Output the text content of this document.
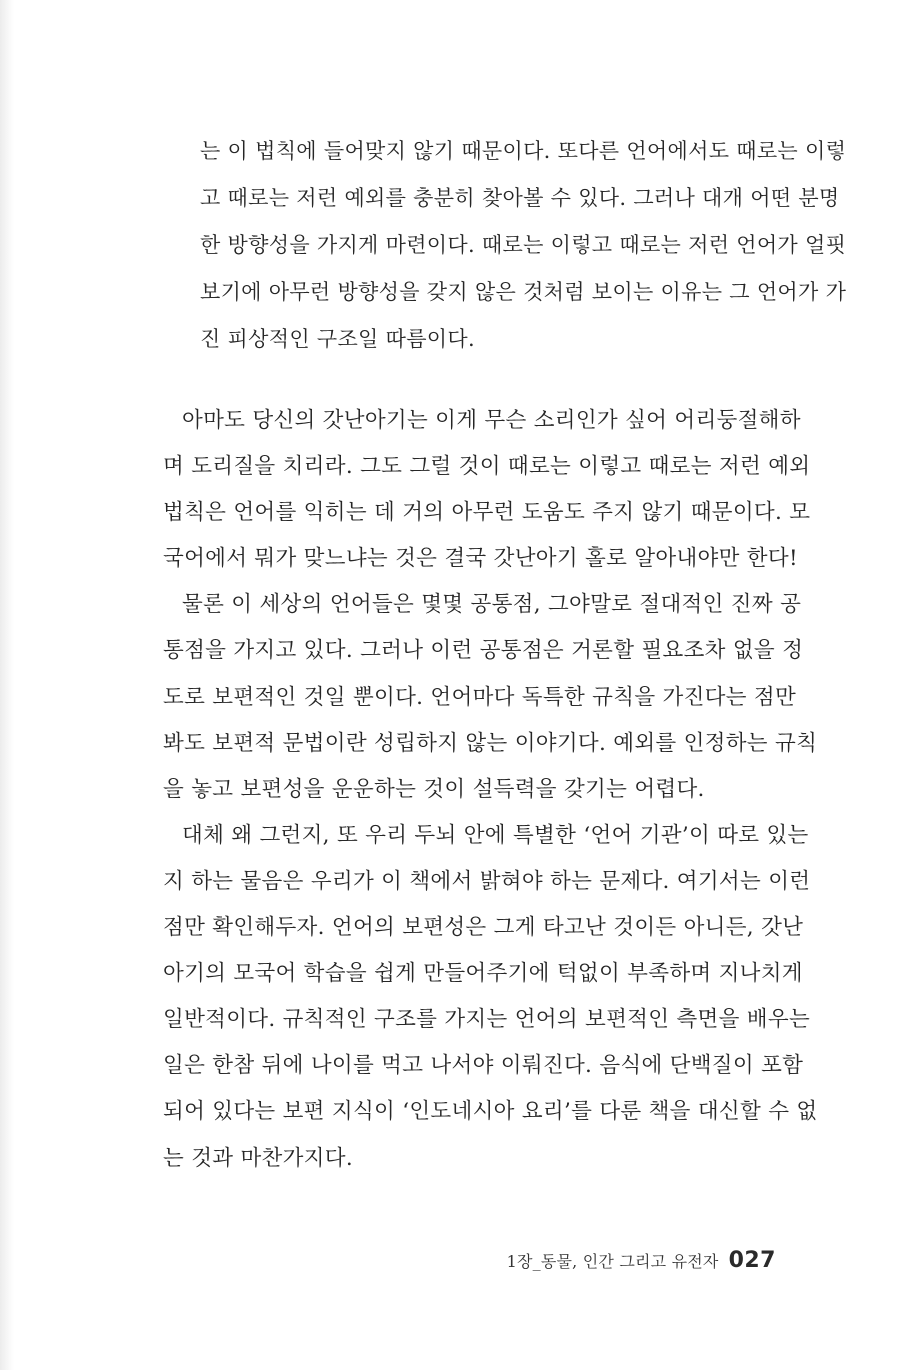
는 이 법칙에 들어맞지 않기 때문이다. 또다른 언어에서도 때로는 이렇
고 때로는 저런 예외를 충분히 찾아볼 수 있다. 그러나 대개 어떤 분명
한 방향성을 가지게 마련이다. 때로는 이렇고 때로는 저런 언어가 얼핏
보기에 아무런 방향성을 갖지 않은 것처럼 보이는 이유는 그 언어가 가
진 피상적인 구조일 따름이다.
아마도 당신의 갓난아기는 이게 무슨 소리인가 싶어 어리둥절해하
며 도리질을 치리라. 그도 그럴 것이 때로는 이렇고 때로는 저런 예외
법칙은 언어를 익히는 데 거의 아무런 도움도 주지 않기 때문이다. 모
국어에서 뭐가 맞느냐는 것은 결국 갓난아기 홀로 알아내야만 한다!
물론 이 세상의 언어들은 몇몇 공통점, 그야말로 절대적인 진짜 공
통점을 가지고 있다. 그러나 이런 공통점은 거론할 필요조차 없을 정
도로 보편적인 것일 뿐이다. 언어마다 독특한 규칙을 가진다는 점만
봐도 보편적 문법이란 성립하지 않는 이야기다. 예외를 인정하는 규칙
을 놓고 보편성을 운운하는 것이 설득력을 갖기는 어렵다.
대체 왜 그런지, 또 우리 두뇌 안에 특별한 ‘언어 기관’이 따로 있는
지 하는 물음은 우리가 이 책에서 밝혀야 하는 문제다. 여기서는 이런
점만 확인해두자. 언어의 보편성은 그게 타고난 것이든 아니든, 갓난
아기의 모국어 학습을 쉽게 만들어주기에 턱없이 부족하며 지나치게
일반적이다. 규칙적인 구조를 가지는 언어의 보편적인 측면을 배우는
일은 한참 뒤에 나이를 먹고 나서야 이뤄진다. 음식에 단백질이 포함
되어 있다는 보편 지식이 ‘인도네시아 요리’를 다룬 책을 대신할 수 없
는 것과 마찬가지다.
1장_동물, 인간 그리고 유전자 027
